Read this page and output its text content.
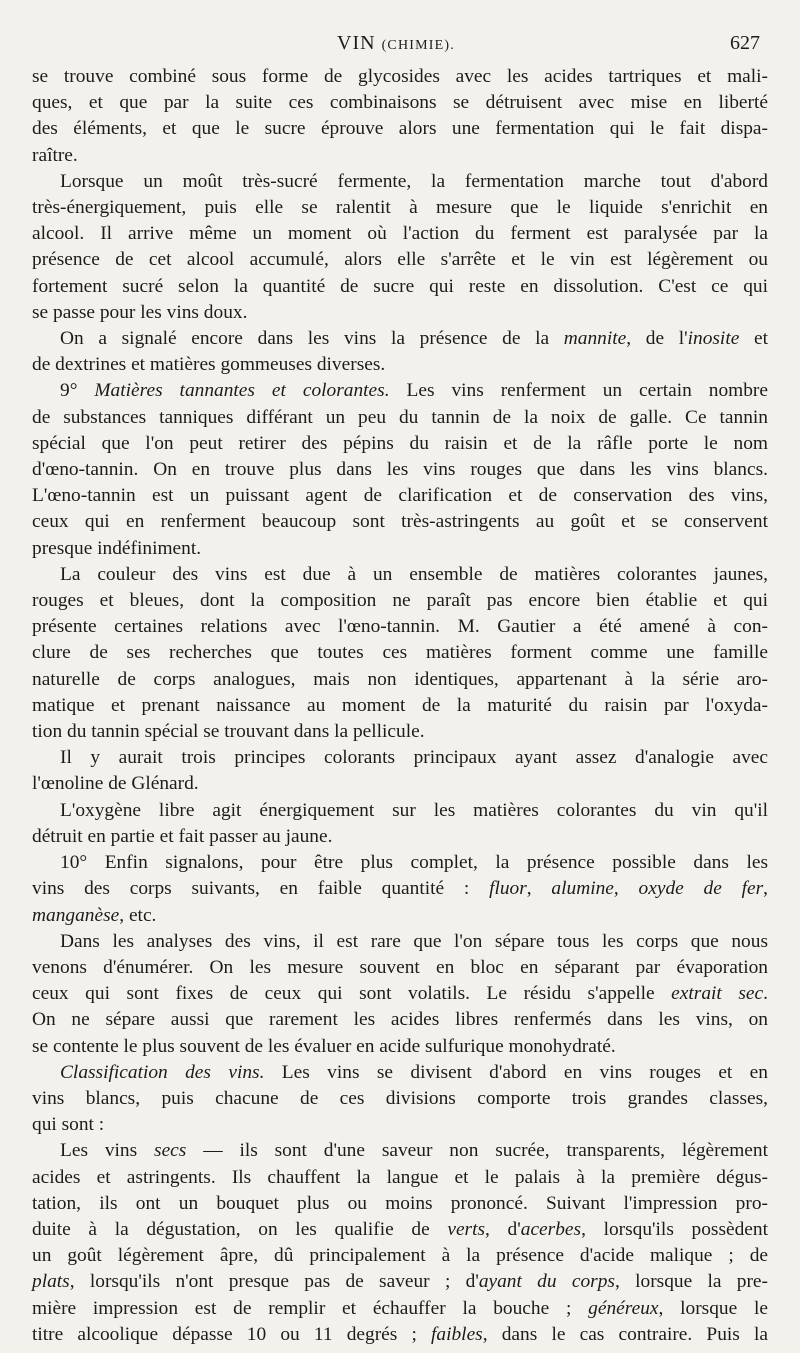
VIN (CHIMIE).	627

se trouve combiné sous forme de glycosides avec les acides tartriques et mali-
ques, et que par la suite ces combinaisons se détruisent avec mise en liberté
des éléments, et que le sucre éprouve alors une fermentation qui le fait dispa-
raître.

Lorsque un moût très-sucré fermente, la fermentation marche tout d'abord
très-énergiquement, puis elle se ralentit à mesure que le liquide s'enrichit en
alcool. Il arrive même un moment où l'action du ferment est paralysée par la
présence de cet alcool accumulé, alors elle s'arrête et le vin est légèrement ou
fortement sucré selon la quantité de sucre qui reste en dissolution. C'est ce qui
se passe pour les vins doux.

On a signalé encore dans les vins la présence de la mannite, de l'inosite et
de dextrines et matières gommeuses diverses.

9° Matières tannantes et colorantes. Les vins renferment un certain nombre
de substances tanniques différant un peu du tannin de la noix de galle. Ce tannin
spécial que l'on peut retirer des pépins du raisin et de la râfle porte le nom
d'œno-tannin. On en trouve plus dans les vins rouges que dans les vins blancs.
L'œno-tannin est un puissant agent de clarification et de conservation des vins,
ceux qui en renferment beaucoup sont très-astringents au goût et se conservent
presque indéfiniment.

La couleur des vins est due à un ensemble de matières colorantes jaunes,
rouges et bleues, dont la composition ne paraît pas encore bien établie et qui
présente certaines relations avec l'œno-tannin. M. Gautier a été amené à con-
clure de ses recherches que toutes ces matières forment comme une famille
naturelle de corps analogues, mais non identiques, appartenant à la série aro-
matique et prenant naissance au moment de la maturité du raisin par l'oxyda-
tion du tannin spécial se trouvant dans la pellicule.

Il y aurait trois principes colorants principaux ayant assez d'analogie avec
l'œnoline de Glénard.

L'oxygène libre agit énergiquement sur les matières colorantes du vin qu'il
détruit en partie et fait passer au jaune.

10° Enfin signalons, pour être plus complet, la présence possible dans les
vins des corps suivants, en faible quantité : fluor, alumine, oxyde de fer,
manganèse, etc.

Dans les analyses des vins, il est rare que l'on sépare tous les corps que nous
venons d'énumérer. On les mesure souvent en bloc en séparant par évaporation
ceux qui sont fixes de ceux qui sont volatils. Le résidu s'appelle extrait sec.
On ne sépare aussi que rarement les acides libres renfermés dans les vins, on
se contente le plus souvent de les évaluer en acide sulfurique monohydraté.

Classification des vins. Les vins se divisent d'abord en vins rouges et en
vins blancs, puis chacune de ces divisions comporte trois grandes classes,
qui sont :

Les vins secs — ils sont d'une saveur non sucrée, transparents, légèrement
acides et astringents. Ils chauffent la langue et le palais à la première dégus-
tation, ils ont un bouquet plus ou moins prononcé. Suivant l'impression pro-
duite à la dégustation, on les qualifie de verts, d'acerbes, lorsqu'ils possèdent
un goût légèrement âpre, dû principalement à la présence d'acide malique ; de
plats, lorsqu'ils n'ont presque pas de saveur ; d'ayant du corps, lorsque la pre-
mière impression est de remplir et échauffer la bouche ; généreux, lorsque le
titre alcoolique dépasse 10 ou 11 degrés ; faibles, dans le cas contraire. Puis la
